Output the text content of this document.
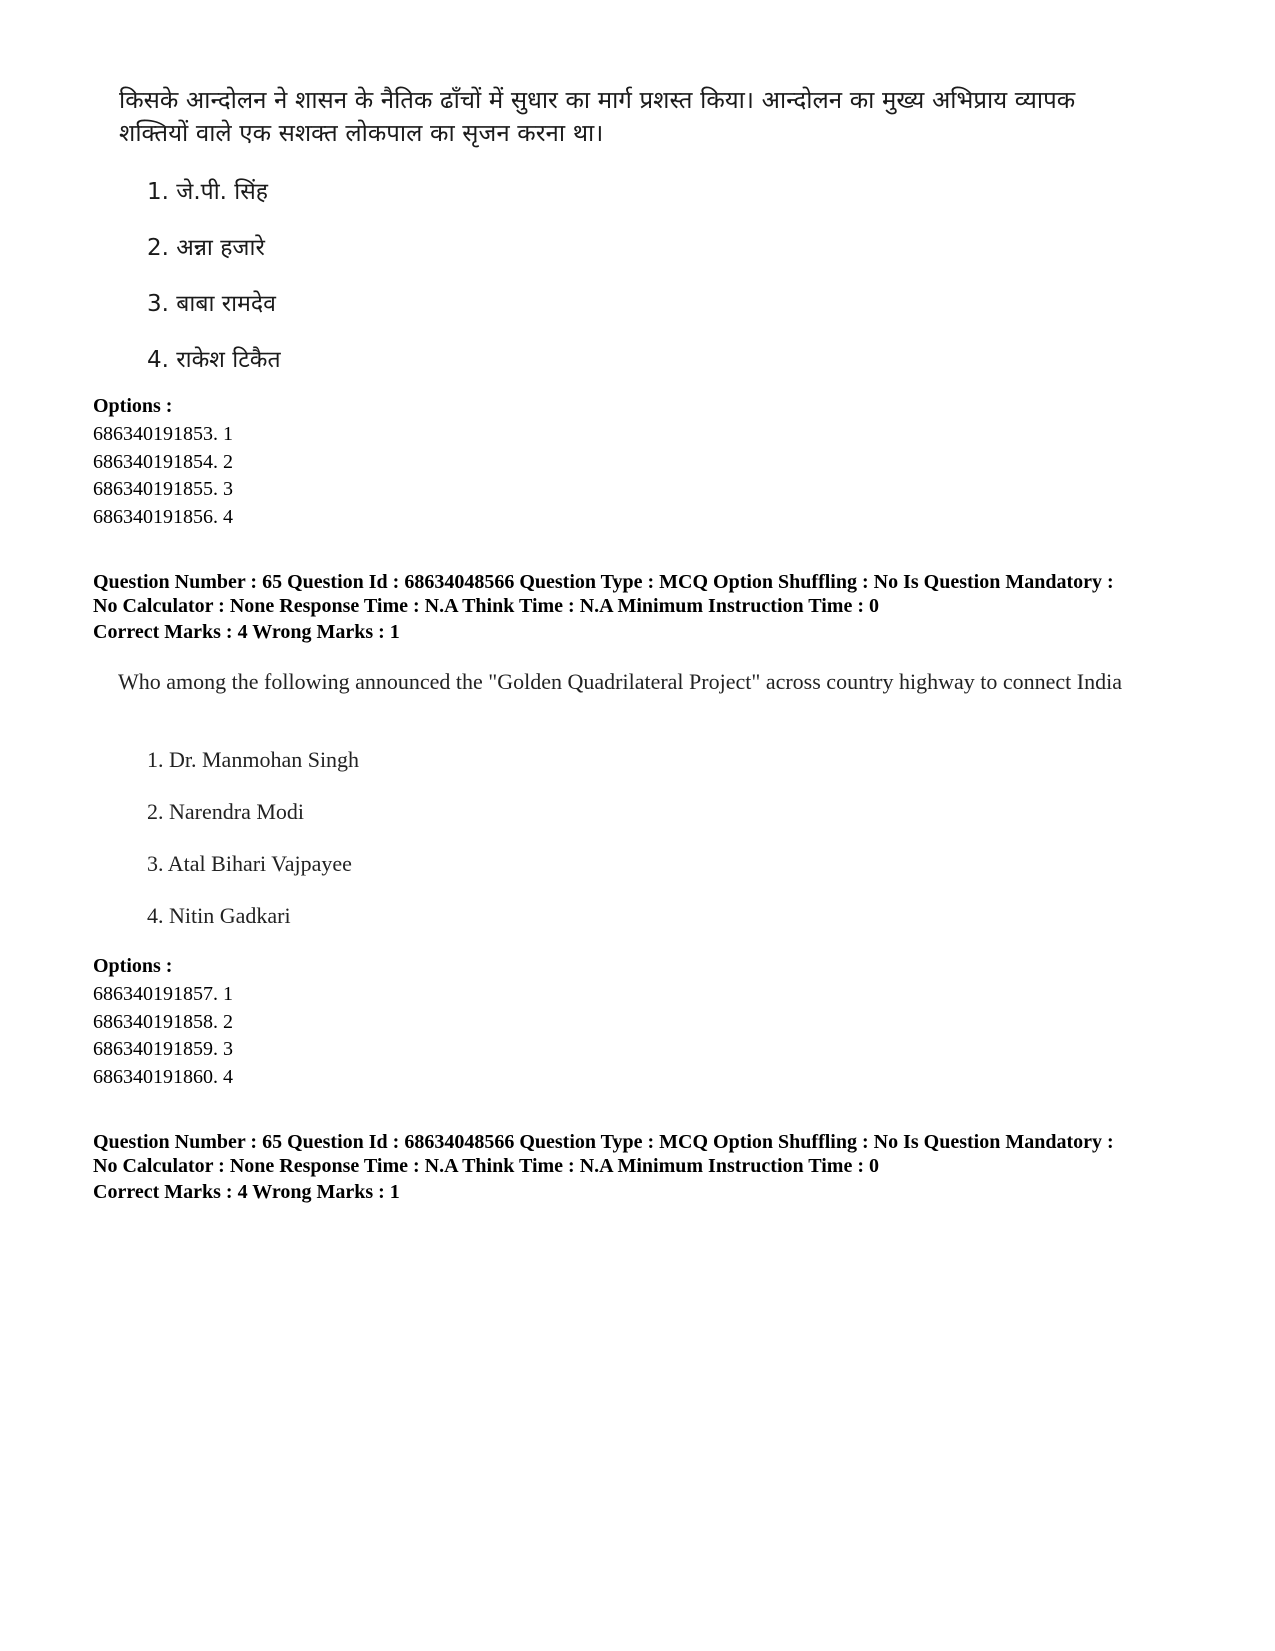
किसके आन्दोलन ने शासन के नैतिक ढाँचों में सुधार का मार्ग प्रशस्त किया। आन्दोलन का मुख्य अभिप्राय व्यापक शक्तियों वाले एक सशक्त लोकपाल का सृजन करना था।
1. जे.पी. सिंह
2. अन्ना हजारे
3. बाबा रामदेव
4. राकेश टिकैत
Options :
686340191853. 1
686340191854. 2
686340191855. 3
686340191856. 4
Question Number : 65 Question Id : 68634048566 Question Type : MCQ Option Shuffling : No Is Question Mandatory :
No Calculator : None Response Time : N.A Think Time : N.A Minimum Instruction Time : 0
Correct Marks : 4 Wrong Marks : 1
Who among the following announced the "Golden Quadrilateral Project" across country highway to connect India
1. Dr. Manmohan Singh
2. Narendra Modi
3. Atal Bihari Vajpayee
4. Nitin Gadkari
Options :
686340191857. 1
686340191858. 2
686340191859. 3
686340191860. 4
Question Number : 65 Question Id : 68634048566 Question Type : MCQ Option Shuffling : No Is Question Mandatory :
No Calculator : None Response Time : N.A Think Time : N.A Minimum Instruction Time : 0
Correct Marks : 4 Wrong Marks : 1
